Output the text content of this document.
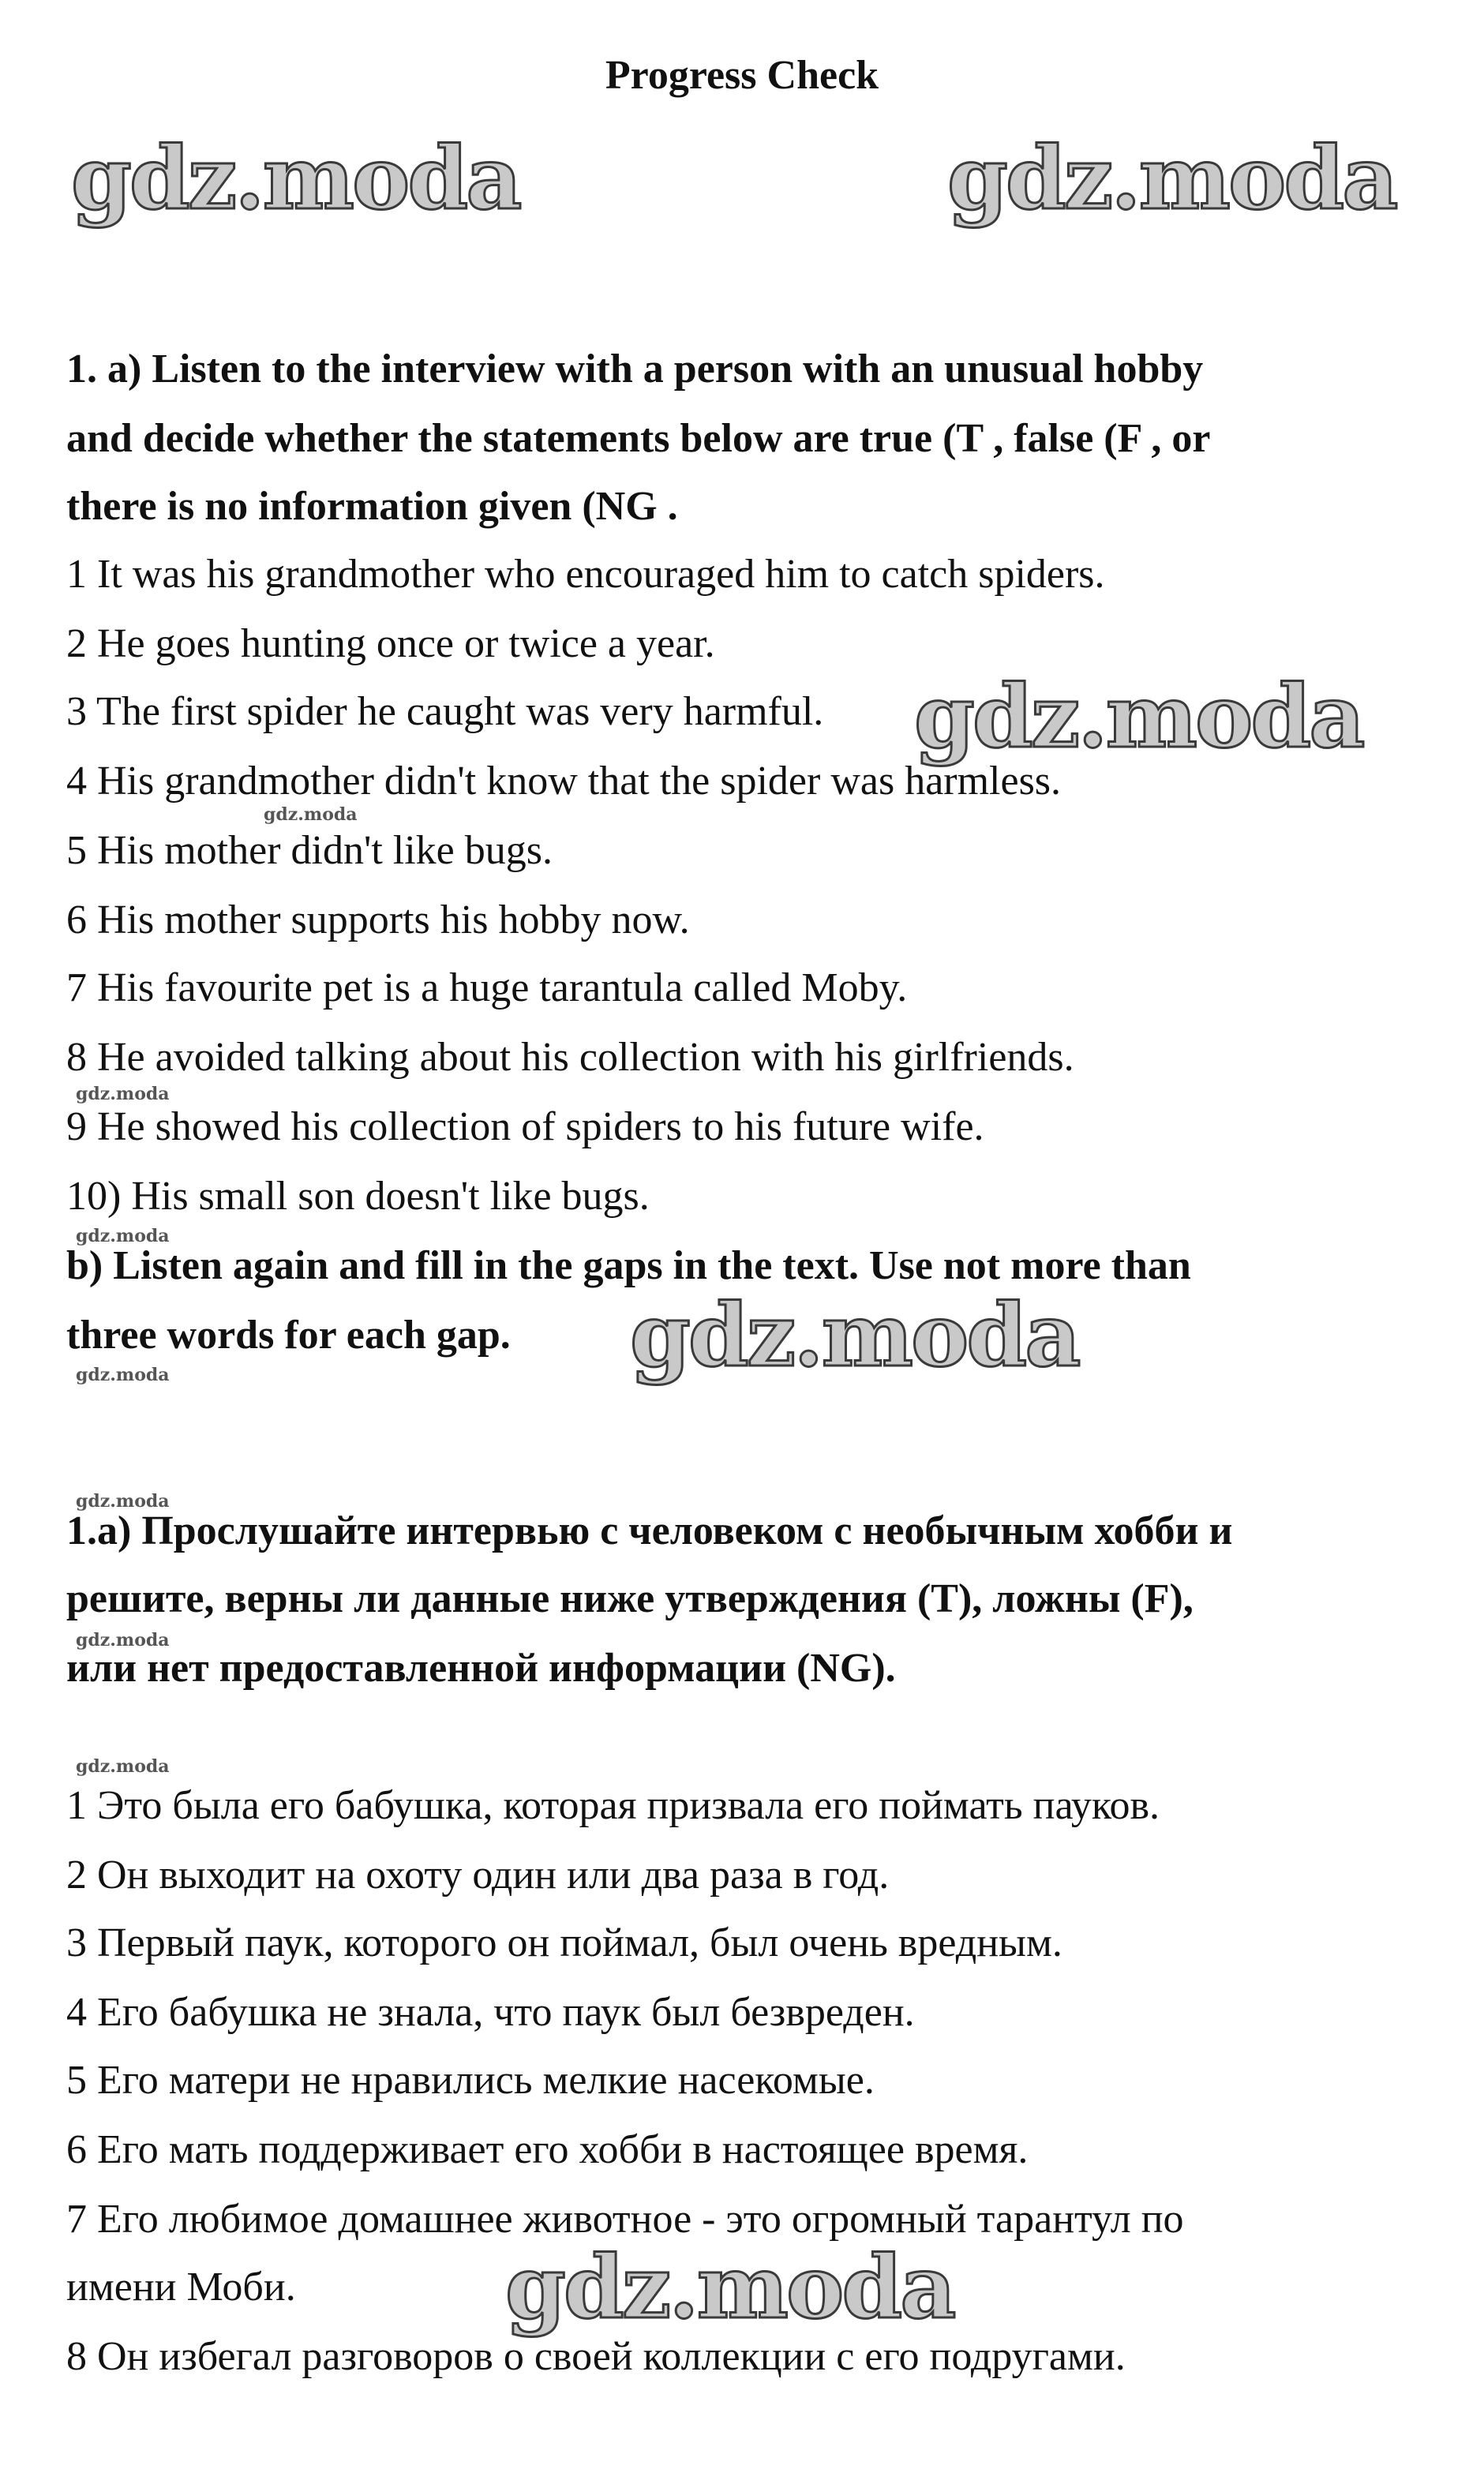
Progress Check
gdz.moda	gdz.moda
gdz.moda
gdz.moda
gdz.moda
gdz.moda
gdz.moda
gdz.moda
gdz.moda
gdz.moda
gdz.moda
gdz.moda
1. a) Listen to the interview with a person with an unusual hobby
and decide whether the statements below are true (T , false (F , or
there is no information given (NG .
1 It was his grandmother who encouraged him to catch spiders.
2 He goes hunting once or twice a year.
3 The first spider he caught was very harmful.
4 His grandmother didn't know that the spider was harmless.
5 His mother didn't like bugs.
6 His mother supports his hobby now.
7 His favourite pet is a huge tarantula called Moby.
8 He avoided talking about his collection with his girlfriends.
9 He showed his collection of spiders to his future wife.
10) His small son doesn't like bugs.
b) Listen again and fill in the gaps in the text. Use not more than
three words for each gap.
1.a) Прослушайте интервью с человеком с необычным хобби и
решите, верны ли данные ниже утверждения (T), ложны (F),
или нет предоставленной информации (NG).
1 Это была его бабушка, которая призвала его поймать пауков.
2 Он выходит на охоту один или два раза в год.
3 Первый паук, которого он поймал, был очень вредным.
4 Его бабушка не знала, что паук был безвреден.
5 Его матери не нравились мелкие насекомые.
6 Его мать поддерживает его хобби в настоящее время.
7 Его любимое домашнее животное - это огромный тарантул по
имени Моби.
8 Он избегал разговоров о своей коллекции с его подругами.
